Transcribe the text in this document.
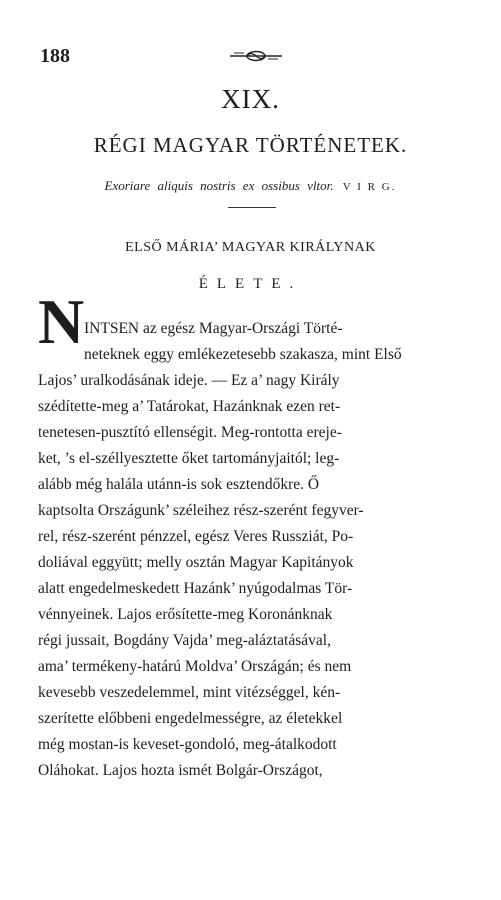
188
XIX.
RÉGI MAGYAR TÖRTÉNETEK.
Exoriare aliquis nostris ex ossibus vltor. V I R G.
ELSŐ MÁRIA’ MAGYAR KIRÁLYNAK
ÉLETE.
N INTSEN az egész Magyar-Országi Törté-
neteknek eggy emlékezetesebb szakasza, mint Első
Lajos’ uralkodásának ideje. — Ez a’ nagy Király
szédítette-meg a’ Tatárokat, Hazánknak ezen ret-
tenetesen-pusztító ellenségit. Meg-rontotta ereje-
ket, ’s el-széllyesztette őket tartományjaitól; leg-
alább még halála utánn-is sok esztendőkre. Ő
kaptsolta Országunk’ széleihez rész-szerént fegyver-
rel, rész-szerént pénzzel, egész Veres Russziát, Po-
doliával eggyütt; melly osztán Magyar Kapitányok
alatt engedelmeskedett Hazánk’ nyúgodalmas Tör-
vénnyeinek. Lajos erősítette-meg Koronánknak
régi jussait, Bogdány Vajda’ meg-aláztatásával,
ama’ termékeny-határú Moldva’ Országán; és nem
kevesebb veszedelemmel, mint vitézséggel, kén-
szerítette előbbeni engedelmességre, az életekkel
még mostan-is keveset-gondoló, meg-átalkodott
Oláhokat. Lajos hozta ismét Bolgár-Országot,
